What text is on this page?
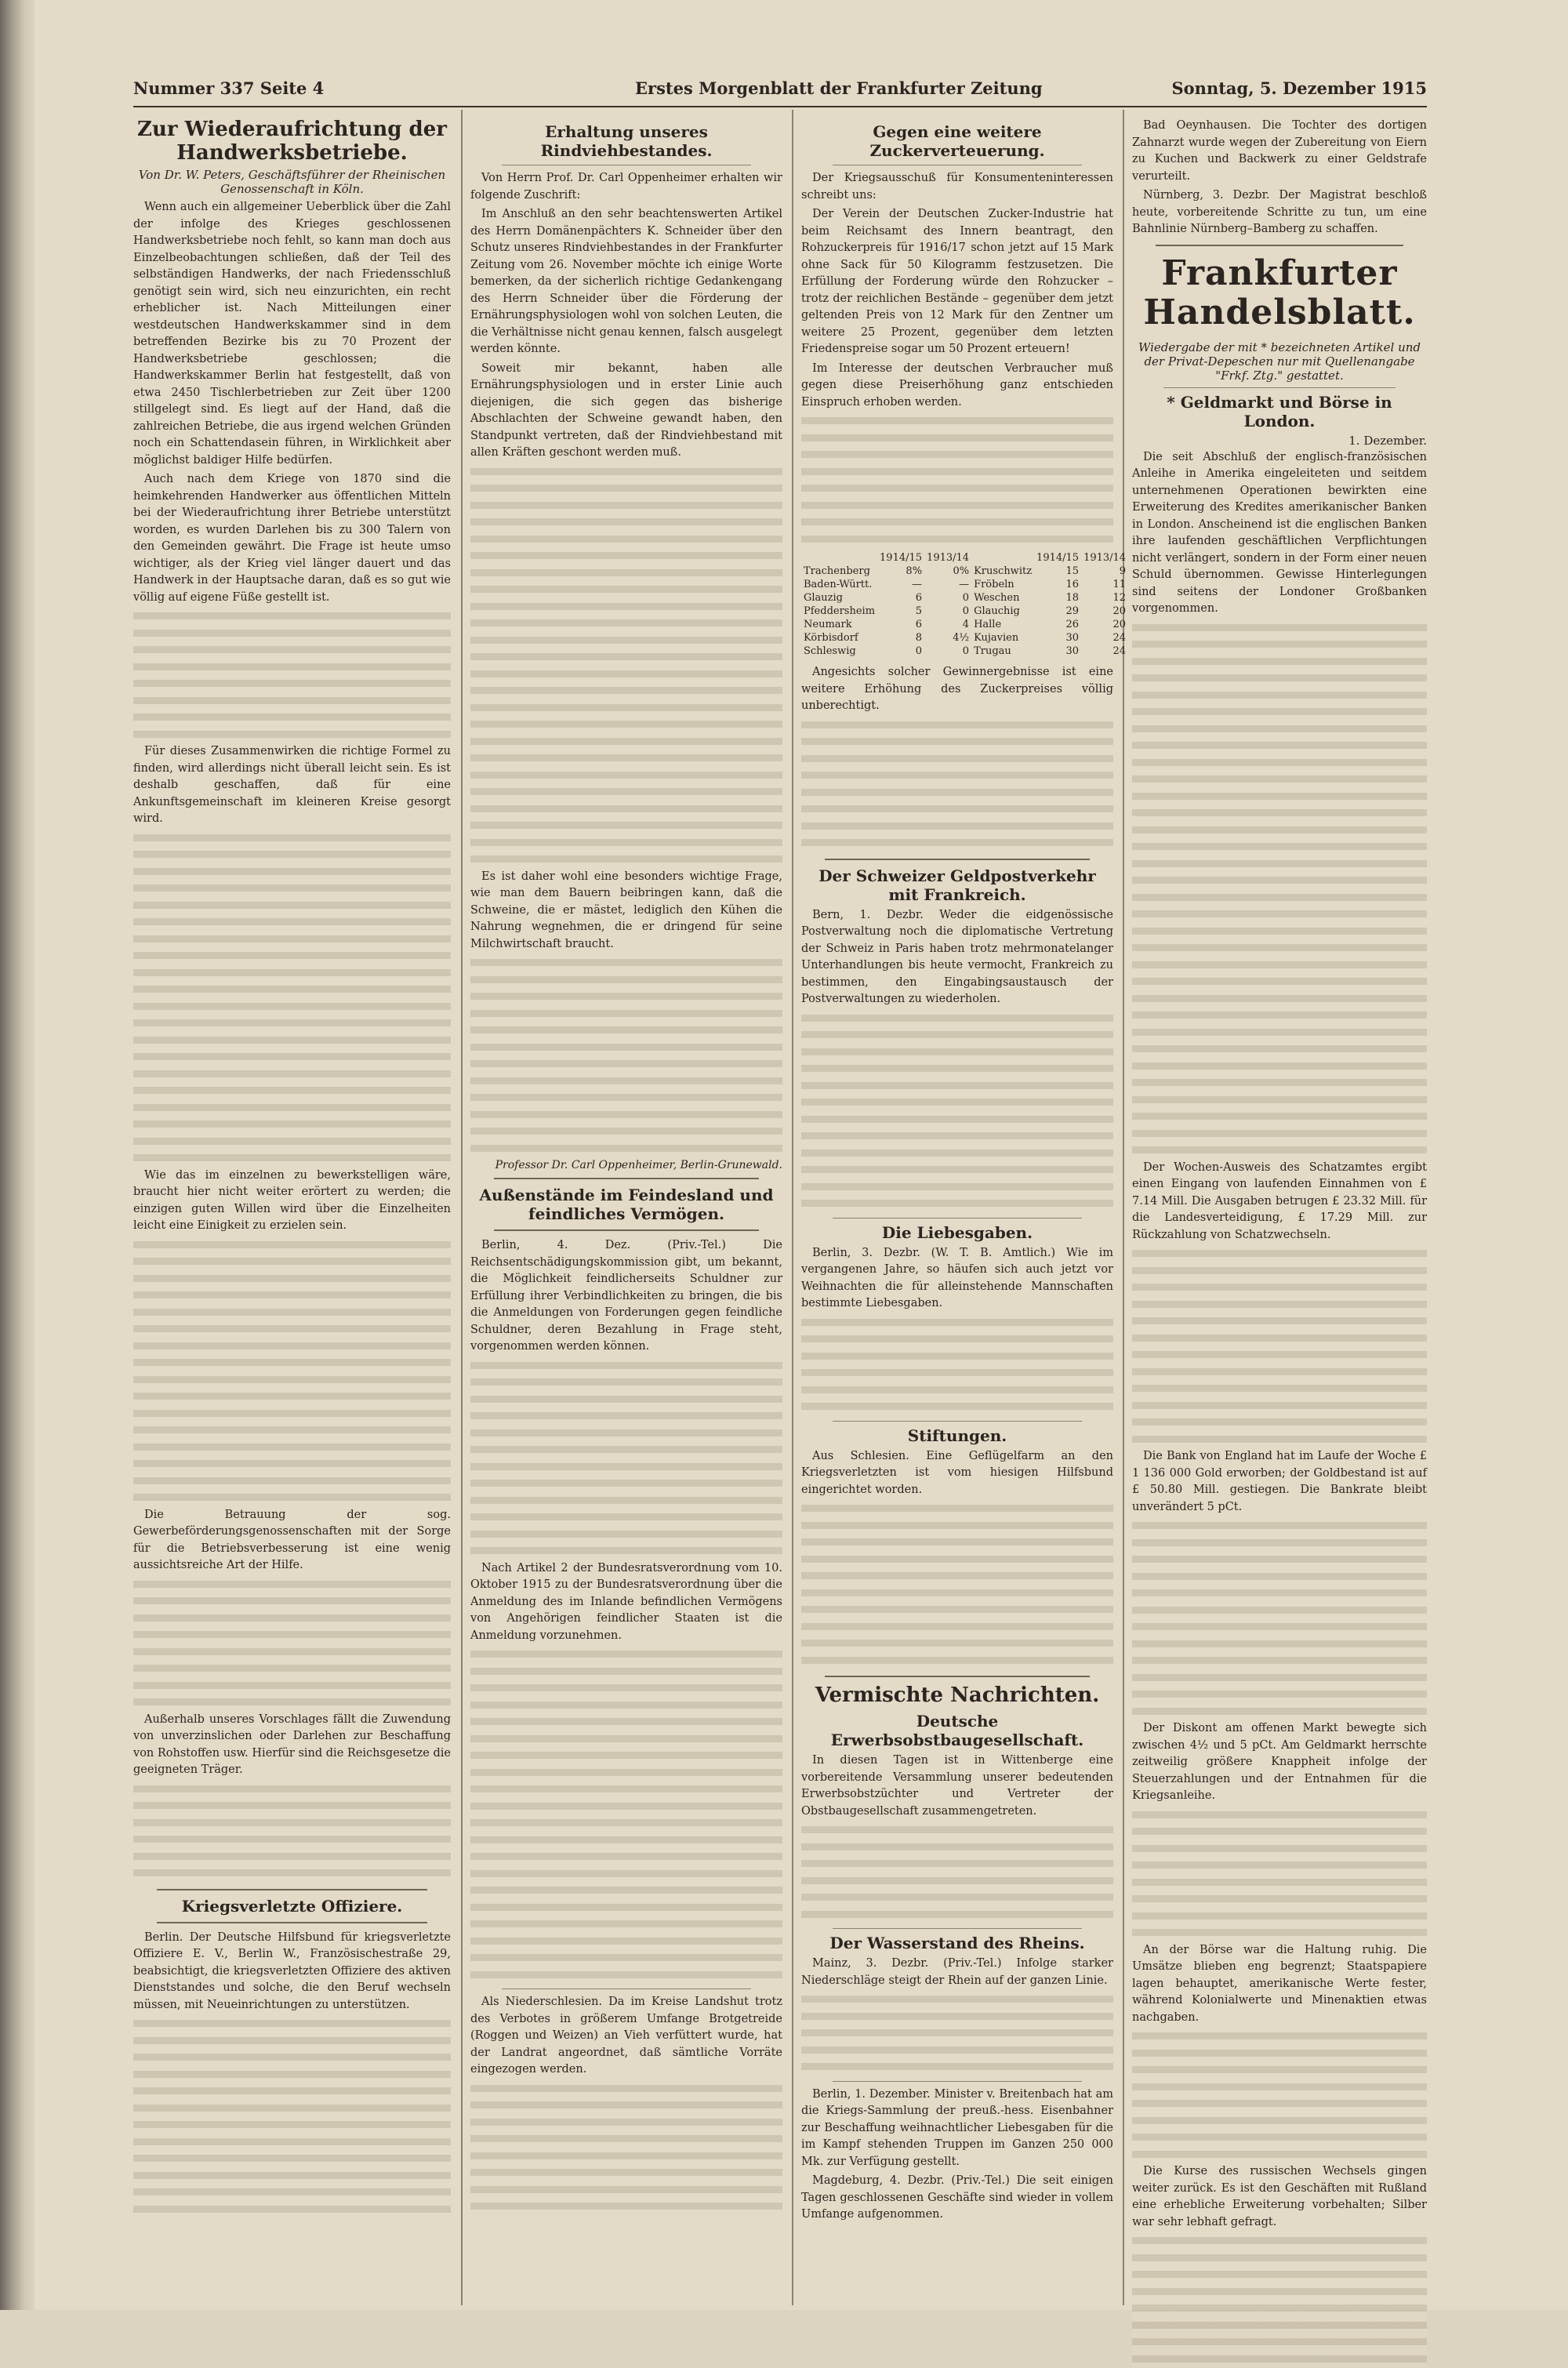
Nummer 337 Seite 4	Erstes Morgenblatt der Frankfurter Zeitung	Sonntag, 5. Dezember 1915
Zur Wiederaufrichtung der Handwerksbetriebe.
Von Dr. W. Peters, Geschäftsführer der Rheinischen Genossenschaft in Köln.

Wenn auch ein allgemeiner Ueberblick über die Zahl der infolge des Krieges geschlossenen Handwerksbetriebe noch fehlt, so kann man doch aus Einzelbeobachtungen schließen, daß der Teil des selbständigen Handwerks, der nach Friedensschluß genötigt sein wird, sich neu einzurichten, ein recht erheblicher ist. Nach Mitteilungen einer westdeutschen Handwerkskammer sind in dem betreffenden Bezirke bis zu 70 Prozent der Handwerksbetriebe geschlossen; die Handwerkskammer Berlin hat festgestellt, daß von etwa 2450 Tischlerbetrieben zur Zeit über 1200 stillgelegt sind. Es liegt auf der Hand, daß die zahlreichen Betriebe, die aus irgend welchen Gründen noch ein Schattendasein führen, in Wirklichkeit aber möglichst baldiger Hilfe bedürfen.

Auch nach dem Kriege von 1870 sind die heimkehrenden Handwerker aus öffentlichen Mitteln bei der Wiederaufrichtung ihrer Betriebe unterstützt worden, es wurden Darlehen bis zu 300 Talern von den Gemeinden gewährt. Die Frage ist heute umso wichtiger, als der Krieg viel länger dauert und das Handwerk in der Hauptsache daran, daß es so gut wie völlig auf eigene Füße gestellt ist.

Für dieses Zusammenwirken die richtige Formel zu finden, wird allerdings nicht überall leicht sein. Es ist deshalb geschaffen, daß für eine Ankunftsgemeinschaft im kleineren Kreise gesorgt wird.

Wie das im einzelnen zu bewerkstelligen wäre, braucht hier nicht weiter erörtert zu werden; die einzigen guten Willen wird über die Einzelheiten leicht eine Einigkeit zu erzielen sein.

Die Betrauung der sog. Gewerbeförderungsgenossenschaften mit der Sorge für die Betriebsverbesserung ist eine wenig aussichtsreiche Art der Hilfe.

Außerhalb unseres Vorschlages fällt die Zuwendung von unverzinslichen oder Darlehen zur Beschaffung von Rohstoffen usw. Hierfür sind die Reichsgesetze die geeigneten Träger.

Kriegsverletzte Offiziere.

Berlin. Der Deutsche Hilfsbund für kriegsverletzte Offiziere E. V., Berlin W., Französischestraße 29, beabsichtigt, die kriegsverletzten Offiziere des aktiven Dienststandes und solche, die den Beruf wechseln müssen, mit Neueinrichtungen zu unterstützen.

Erhaltung unseres Rindviehbestandes.

Von Herrn Prof. Dr. Carl Oppenheimer erhalten wir folgende Zuschrift:

Im Anschluß an den sehr beachtenswerten Artikel des Herrn Domänenpächters K. Schneider über den Schutz unseres Rindviehbestandes in der Frankfurter Zeitung vom 26. November möchte ich einige Worte bemerken, da der sicherlich richtige Gedankengang des Herrn Schneider über die Förderung der Ernährungsphysiologen wohl von solchen Leuten, die die Verhältnisse nicht genau kennen, falsch ausgelegt werden könnte.

Soweit mir bekannt, haben alle Ernährungsphysiologen und in erster Linie auch diejenigen, die sich gegen das bisherige Abschlachten der Schweine gewandt haben, den Standpunkt vertreten, daß der Rindviehbestand mit allen Kräften geschont werden muß.

Es ist daher wohl eine besonders wichtige Frage, wie man dem Bauern beibringen kann, daß die Schweine, die er mästet, lediglich den Kühen die Nahrung wegnehmen, die er dringend für seine Milchwirtschaft braucht.

Professor Dr. Carl Oppenheimer, Berlin-Grunewald.
Außenstände im Feindesland und feindliches Vermögen.

Berlin, 4. Dez. (Priv.-Tel.) Die Reichsentschädigungskommission gibt, um bekannt, die Möglichkeit feindlicherseits Schuldner zur Erfüllung ihrer Verbindlichkeiten zu bringen, die bis die Anmeldungen von Forderungen gegen feindliche Schuldner, deren Bezahlung in Frage steht, vorgenommen werden können.

Nach Artikel 2 der Bundesratsverordnung vom 10. Oktober 1915 zu der Bundesratsverordnung über die Anmeldung des im Inlande befindlichen Vermögens von Angehörigen feindlicher Staaten ist die Anmeldung vorzunehmen.

Als Niederschlesien. Da im Kreise Landshut trotz des Verbotes in größerem Umfange Brotgetreide (Roggen und Weizen) an Vieh verfüttert wurde, hat der Landrat angeordnet, daß sämtliche Vorräte eingezogen werden.

Gegen eine weitere Zuckerverteuerung.

Der Kriegsausschuß für Konsumenteninteressen schreibt uns:

Der Verein der Deutschen Zucker-Industrie hat beim Reichsamt des Innern beantragt, den Rohzuckerpreis für 1916/17 schon jetzt auf 15 Mark ohne Sack für 50 Kilogramm festzusetzen. Die Erfüllung der Forderung würde den Rohzucker – trotz der reichlichen Bestände – gegenüber dem jetzt geltenden Preis von 12 Mark für den Zentner um weitere 25 Prozent, gegenüber dem letzten Friedenspreise sogar um 50 Prozent erteuern!

Im Interesse der deutschen Verbraucher muß gegen diese Preiserhöhung ganz entschieden Einspruch erhoben werden.

	1914/15	1913/14		1914/15	1913/14
Trachenberg	8%	0%	Kruschwitz	15	9
Baden-Württ.	—	—	Fröbeln	16	11
Glauzig	6	0	Weschen	18	12
Pfeddersheim	5	0	Glauchig	29	20
Neumark	6	4	Halle	26	20
Körbisdorf	8	4½	Kujavien	30	24
Schleswig	0	0	Trugau	30	24

Angesichts solcher Gewinnergebnisse ist eine weitere Erhöhung des Zuckerpreises völlig unberechtigt.

Der Schweizer Geldpostverkehr mit Frankreich.

Bern, 1. Dezbr. Weder die eidgenössische Postverwaltung noch die diplomatische Vertretung der Schweiz in Paris haben trotz mehrmonatelanger Unterhandlungen bis heute vermocht, Frankreich zu bestimmen, den Eingabingsaustausch der Postverwaltungen zu wiederholen.

Die Liebesgaben.

Berlin, 3. Dezbr. (W. T. B. Amtlich.) Wie im vergangenen Jahre, so häufen sich auch jetzt vor Weihnachten die für alleinstehende Mannschaften bestimmte Liebesgaben.

Stiftungen.

Aus Schlesien. Eine Geflügelfarm an den Kriegsverletzten ist vom hiesigen Hilfsbund eingerichtet worden.

Vermischte Nachrichten.
Deutsche Erwerbsobstbaugesellschaft.

In diesen Tagen ist in Wittenberge eine vorbereitende Versammlung unserer bedeutenden Erwerbsobstzüchter und Vertreter der Obstbaugesellschaft zusammengetreten.

Der Wasserstand des Rheins.

Mainz, 3. Dezbr. (Priv.-Tel.) Infolge starker Niederschläge steigt der Rhein auf der ganzen Linie.

Berlin, 1. Dezember. Minister v. Breitenbach hat am die Kriegs-Sammlung der preuß.-hess. Eisenbahner zur Beschaffung weihnachtlicher Liebesgaben für die im Kampf stehenden Truppen im Ganzen 250 000 Mk. zur Verfügung gestellt.

Magdeburg, 4. Dezbr. (Priv.-Tel.) Die seit einigen Tagen geschlossenen Geschäfte sind wieder in vollem Umfange aufgenommen.

Bad Oeynhausen. Die Tochter des dortigen Zahnarzt wurde wegen der Zubereitung von Eiern zu Kuchen und Backwerk zu einer Geldstrafe verurteilt.

Nürnberg, 3. Dezbr. Der Magistrat beschloß heute, vorbereitende Schritte zu tun, um eine Bahnlinie Nürnberg–Bamberg zu schaffen.

Frankfurter Handelsblatt.
Wiedergabe der mit * bezeichneten Artikel und der Privat-Depeschen nur mit Quellenangabe "Frkf. Ztg." gestattet.
* Geldmarkt und Börse in London.
1. Dezember.

Die seit Abschluß der englisch-französischen Anleihe in Amerika eingeleiteten und seitdem unternehmenen Operationen bewirkten eine Erweiterung des Kredites amerikanischer Banken in London. Anscheinend ist die englischen Banken ihre laufenden geschäftlichen Verpflichtungen nicht verlängert, sondern in der Form einer neuen Schuld übernommen. Gewisse Hinterlegungen sind seitens der Londoner Großbanken vorgenommen.

Der Wochen-Ausweis des Schatzamtes ergibt einen Eingang von laufenden Einnahmen von £ 7.14 Mill. Die Ausgaben betrugen £ 23.32 Mill. für die Landesverteidigung, £ 17.29 Mill. zur Rückzahlung von Schatzwechseln.

Die Bank von England hat im Laufe der Woche £ 1 136 000 Gold erworben; der Goldbestand ist auf £ 50.80 Mill. gestiegen. Die Bankrate bleibt unverändert 5 pCt.

Der Diskont am offenen Markt bewegte sich zwischen 4½ und 5 pCt. Am Geldmarkt herrschte zeitweilig größere Knappheit infolge der Steuerzahlungen und der Entnahmen für die Kriegsanleihe.

An der Börse war die Haltung ruhig. Die Umsätze blieben eng begrenzt; Staatspapiere lagen behauptet, amerikanische Werte fester, während Kolonialwerte und Minenaktien etwas nachgaben.

Die Kurse des russischen Wechsels gingen weiter zurück. Es ist den Geschäften mit Rußland eine erhebliche Erweiterung vorbehalten; Silber war sehr lebhaft gefragt.
